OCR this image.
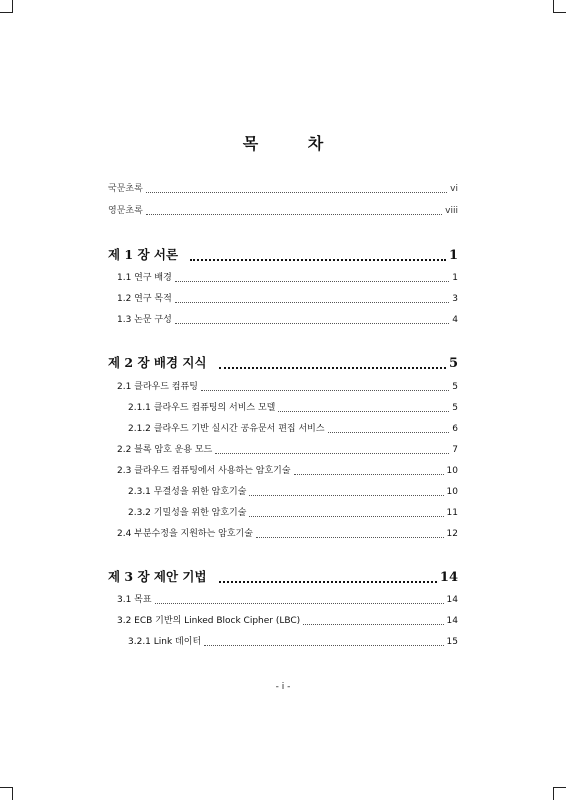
목 차
국문초록	vi
영문초록	viii
제 1 장 서론	1
1.1 연구 배경	1
1.2 연구 목적	3
1.3 논문 구성	4
제 2 장 배경 지식	5
2.1 클라우드 컴퓨팅	5
2.1.1 클라우드 컴퓨팅의 서비스 모델	5
2.1.2 클라우드 기반 실시간 공유문서 편집 서비스	6
2.2 블록 암호 운용 모드	7
2.3 클라우드 컴퓨팅에서 사용하는 암호기술	10
2.3.1 무결성을 위한 암호기술	10
2.3.2 기밀성을 위한 암호기술	11
2.4 부분수정을 지원하는 암호기술	12
제 3 장 제안 기법	14
3.1 목표	14
3.2 ECB 기반의 Linked Block Cipher (LBC)	14
3.2.1 Link 데이터	15
- i -
